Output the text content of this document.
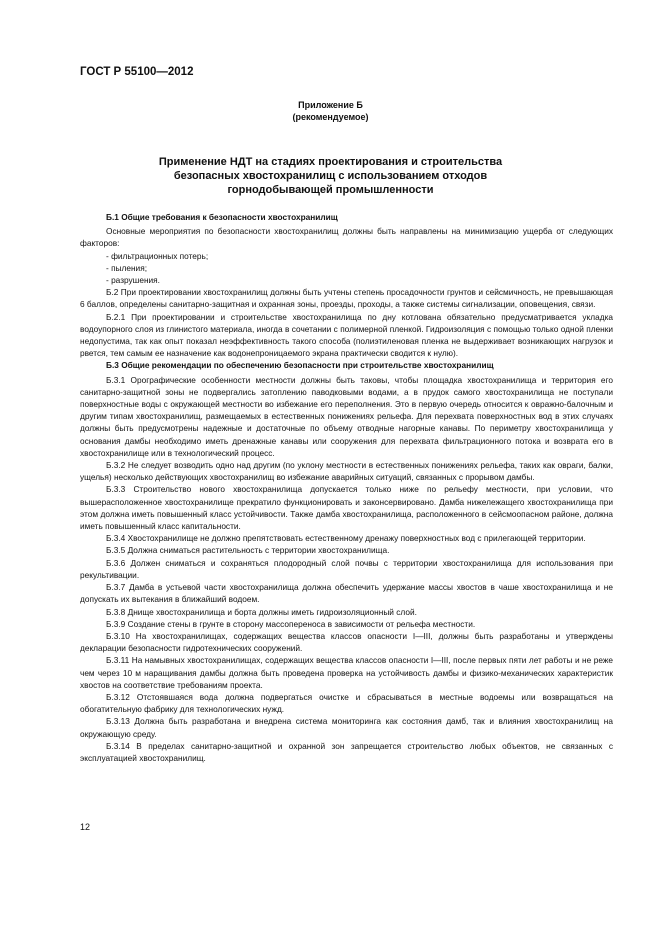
ГОСТ Р 55100—2012
Приложение Б
(рекомендуемое)
Применение НДТ на стадиях проектирования и строительства
безопасных хвостохранилищ с использованием отходов
горнодобывающей промышленности

Б.1 Общие требования к безопасности хвостохранилищ

Основные мероприятия по безопасности хвостохранилищ должны быть направлены на минимизацию ущерба от следующих факторов:

- фильтрационных потерь;

- пыления;

- разрушения.

Б.2 При проектировании хвостохранилищ должны быть учтены степень просадочности грунтов и сейсмичность, не превышающая 6 баллов, определены санитарно-защитная и охранная зоны, проезды, проходы, а также системы сигнализации, оповещения, связи.

Б.2.1 При проектировании и строительстве хвостохранилища по дну котлована обязательно предусматривается укладка водоупорного слоя из глинистого материала, иногда в сочетании с полимерной пленкой. Гидроизоляция с помощью только одной пленки недопустима, так как опыт показал неэффективность такого способа (полиэтиленовая пленка не выдерживает возникающих нагрузок и рвется, тем самым ее назначение как водонепроницаемого экрана практически сводится к нулю).

Б.3 Общие рекомендации по обеспечению безопасности при строительстве хвостохранилищ

Б.3.1 Орографические особенности местности должны быть таковы, чтобы площадка хвостохранилища и территория его санитарно-защитной зоны не подвергались затоплению паводковыми водами, а в прудок самого хвостохранилища не поступали поверхностные воды с окружающей местности во избежание его переполнения. Это в первую очередь относится к овражно-балочным и другим типам хвостохранилищ, размещаемых в естественных понижениях рельефа. Для перехвата поверхностных вод в этих случаях должны быть предусмотрены надежные и достаточные по объему отводные нагорные канавы. По периметру хвостохранилища у основания дамбы необходимо иметь дренажные канавы или сооружения для перехвата фильтрационного потока и возврата его в хвостохранилище или в технологический процесс.

Б.3.2 Не следует возводить одно над другим (по уклону местности в естественных понижениях рельефа, таких как овраги, балки, ущелья) несколько действующих хвостохранилищ во избежание аварийных ситуаций, связанных с прорывом дамбы.

Б.3.3 Строительство нового хвостохранилища допускается только ниже по рельефу местности, при условии, что вышерасположенное хвостохранилище прекратило функционировать и законсервировано. Дамба нижележащего хвостохранилища при этом должна иметь повышенный класс устойчивости. Также дамба хвостохранилища, расположенного в сейсмоопасном районе, должна иметь повышенный класс капитальности.

Б.3.4 Хвостохранилище не должно препятствовать естественному дренажу поверхностных вод с прилегающей территории.

Б.3.5 Должна сниматься растительность с территории хвостохранилища.

Б.3.6 Должен сниматься и сохраняться плодородный слой почвы с территории хвостохранилища для использования при рекультивации.

Б.3.7 Дамба в устьевой части хвостохранилища должна обеспечить удержание массы хвостов в чаше хвостохранилища и не допускать их вытекания в ближайший водоем.

Б.3.8 Днище хвостохранилища и борта должны иметь гидроизоляционный слой.

Б.3.9 Создание стены в грунте в сторону массопереноса в зависимости от рельефа местности.

Б.3.10 На хвостохранилищах, содержащих вещества классов опасности I—III, должны быть разработаны и утверждены декларации безопасности гидротехнических сооружений.

Б.3.11 На намывных хвостохранилищах, содержащих вещества классов опасности I—III, после первых пяти лет работы и не реже чем через 10 м наращивания дамбы должна быть проведена проверка на устойчивость дамбы и физико-механических характеристик хвостов на соответствие требованиям проекта.

Б.3.12 Отстоявшаяся вода должна подвергаться очистке и сбрасываться в местные водоемы или возвращаться на обогатительную фабрику для технологических нужд.

Б.3.13 Должна быть разработана и внедрена система мониторинга как состояния дамб, так и влияния хвостохранилищ на окружающую среду.

Б.3.14 В пределах санитарно-защитной и охранной зон запрещается строительство любых объектов, не связанных с эксплуатацией хвостохранилищ.

12
